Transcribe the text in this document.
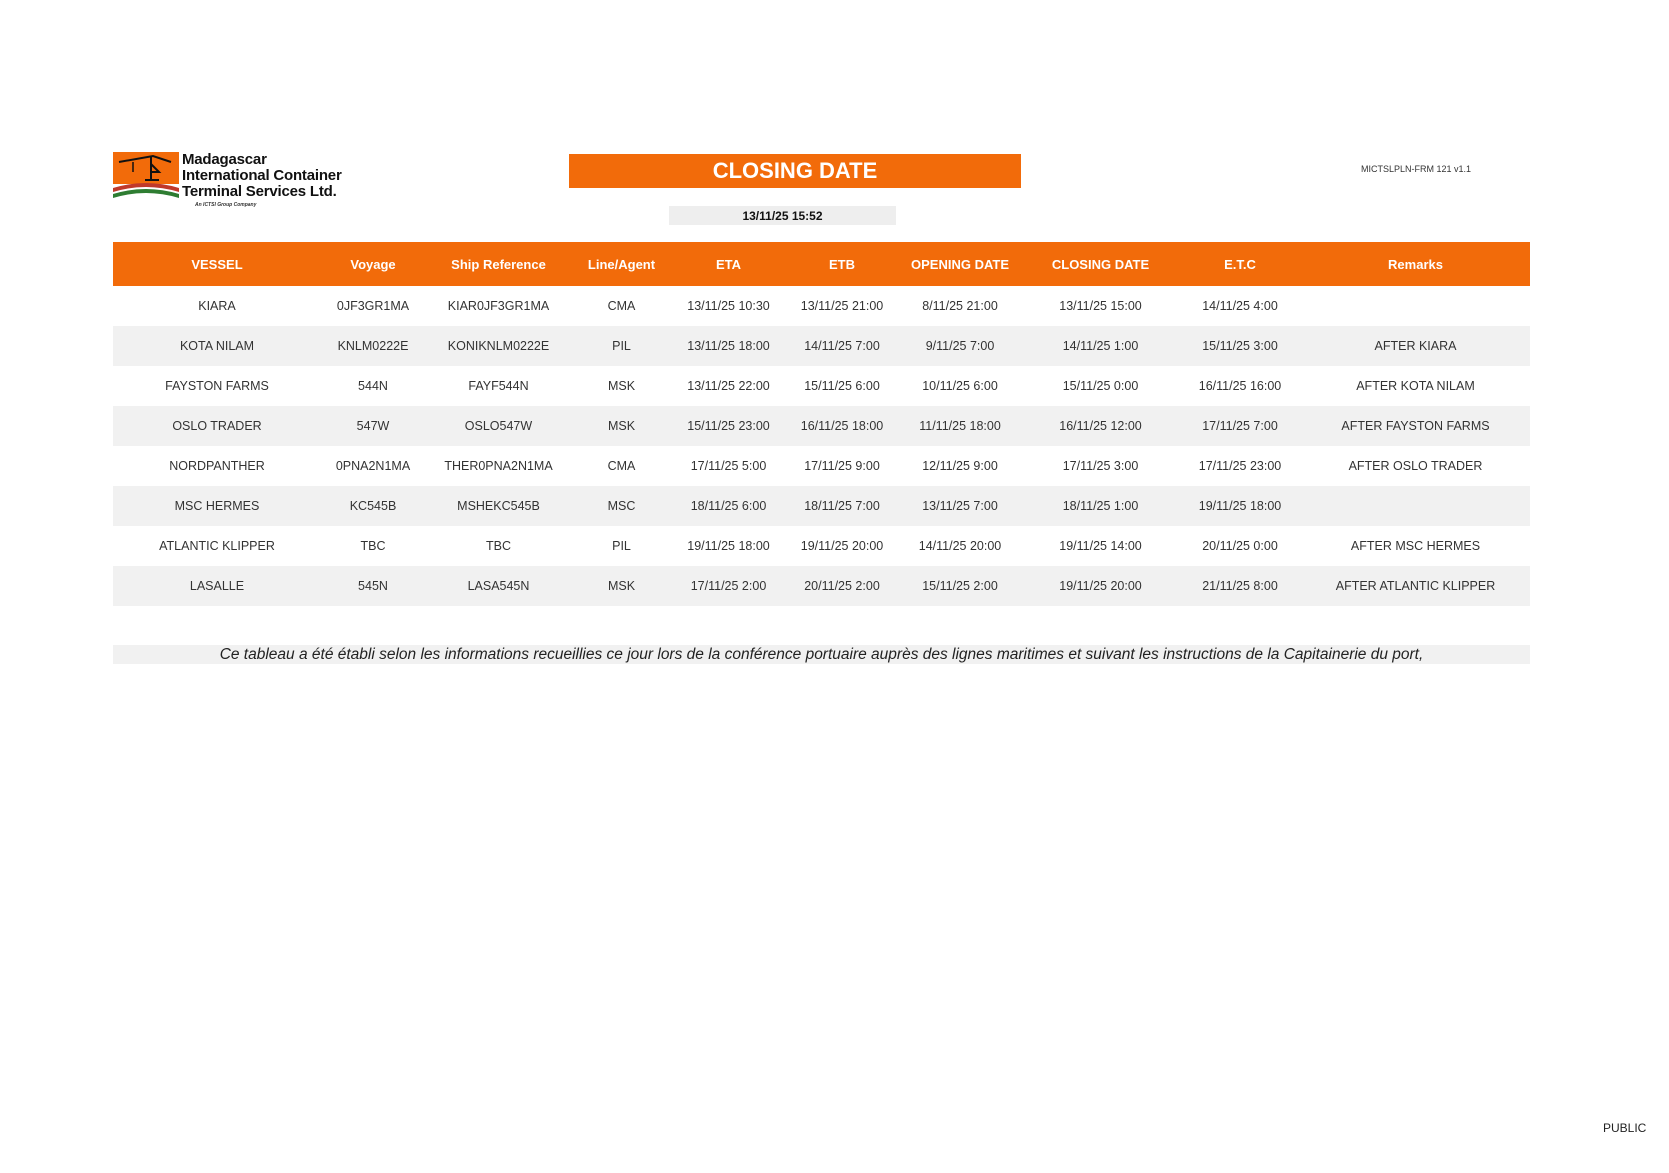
Madagascar
International Container
Terminal Services Ltd.
An ICTSI Group Company
CLOSING DATE
13/11/25 15:52
MICTSLPLN-FRM 121 v1.1
VESSEL	Voyage	Ship Reference	Line/Agent	ETA	ETB	OPENING DATE	CLOSING DATE	E.T.C	Remarks
KIARA	0JF3GR1MA	KIAR0JF3GR1MA	CMA	13/11/25 10:30	13/11/25 21:00	8/11/25 21:00	13/11/25 15:00	14/11/25 4:00	
KOTA NILAM	KNLM0222E	KONIKNLM0222E	PIL	13/11/25 18:00	14/11/25 7:00	9/11/25 7:00	14/11/25 1:00	15/11/25 3:00	AFTER KIARA
FAYSTON FARMS	544N	FAYF544N	MSK	13/11/25 22:00	15/11/25 6:00	10/11/25 6:00	15/11/25 0:00	16/11/25 16:00	AFTER KOTA NILAM
OSLO TRADER	547W	OSLO547W	MSK	15/11/25 23:00	16/11/25 18:00	11/11/25 18:00	16/11/25 12:00	17/11/25 7:00	AFTER FAYSTON FARMS
NORDPANTHER	0PNA2N1MA	THER0PNA2N1MA	CMA	17/11/25 5:00	17/11/25 9:00	12/11/25 9:00	17/11/25 3:00	17/11/25 23:00	AFTER OSLO TRADER
MSC HERMES	KC545B	MSHEKC545B	MSC	18/11/25 6:00	18/11/25 7:00	13/11/25 7:00	18/11/25 1:00	19/11/25 18:00	
ATLANTIC KLIPPER	TBC	TBC	PIL	19/11/25 18:00	19/11/25 20:00	14/11/25 20:00	19/11/25 14:00	20/11/25 0:00	AFTER MSC HERMES
LASALLE	545N	LASA545N	MSK	17/11/25 2:00	20/11/25 2:00	15/11/25 2:00	19/11/25 20:00	21/11/25 8:00	AFTER ATLANTIC KLIPPER
Ce tableau a été établi selon les informations recueillies ce jour lors de la conférence portuaire auprès des lignes maritimes et suivant les instructions de la Capitainerie du port,
PUBLIC
